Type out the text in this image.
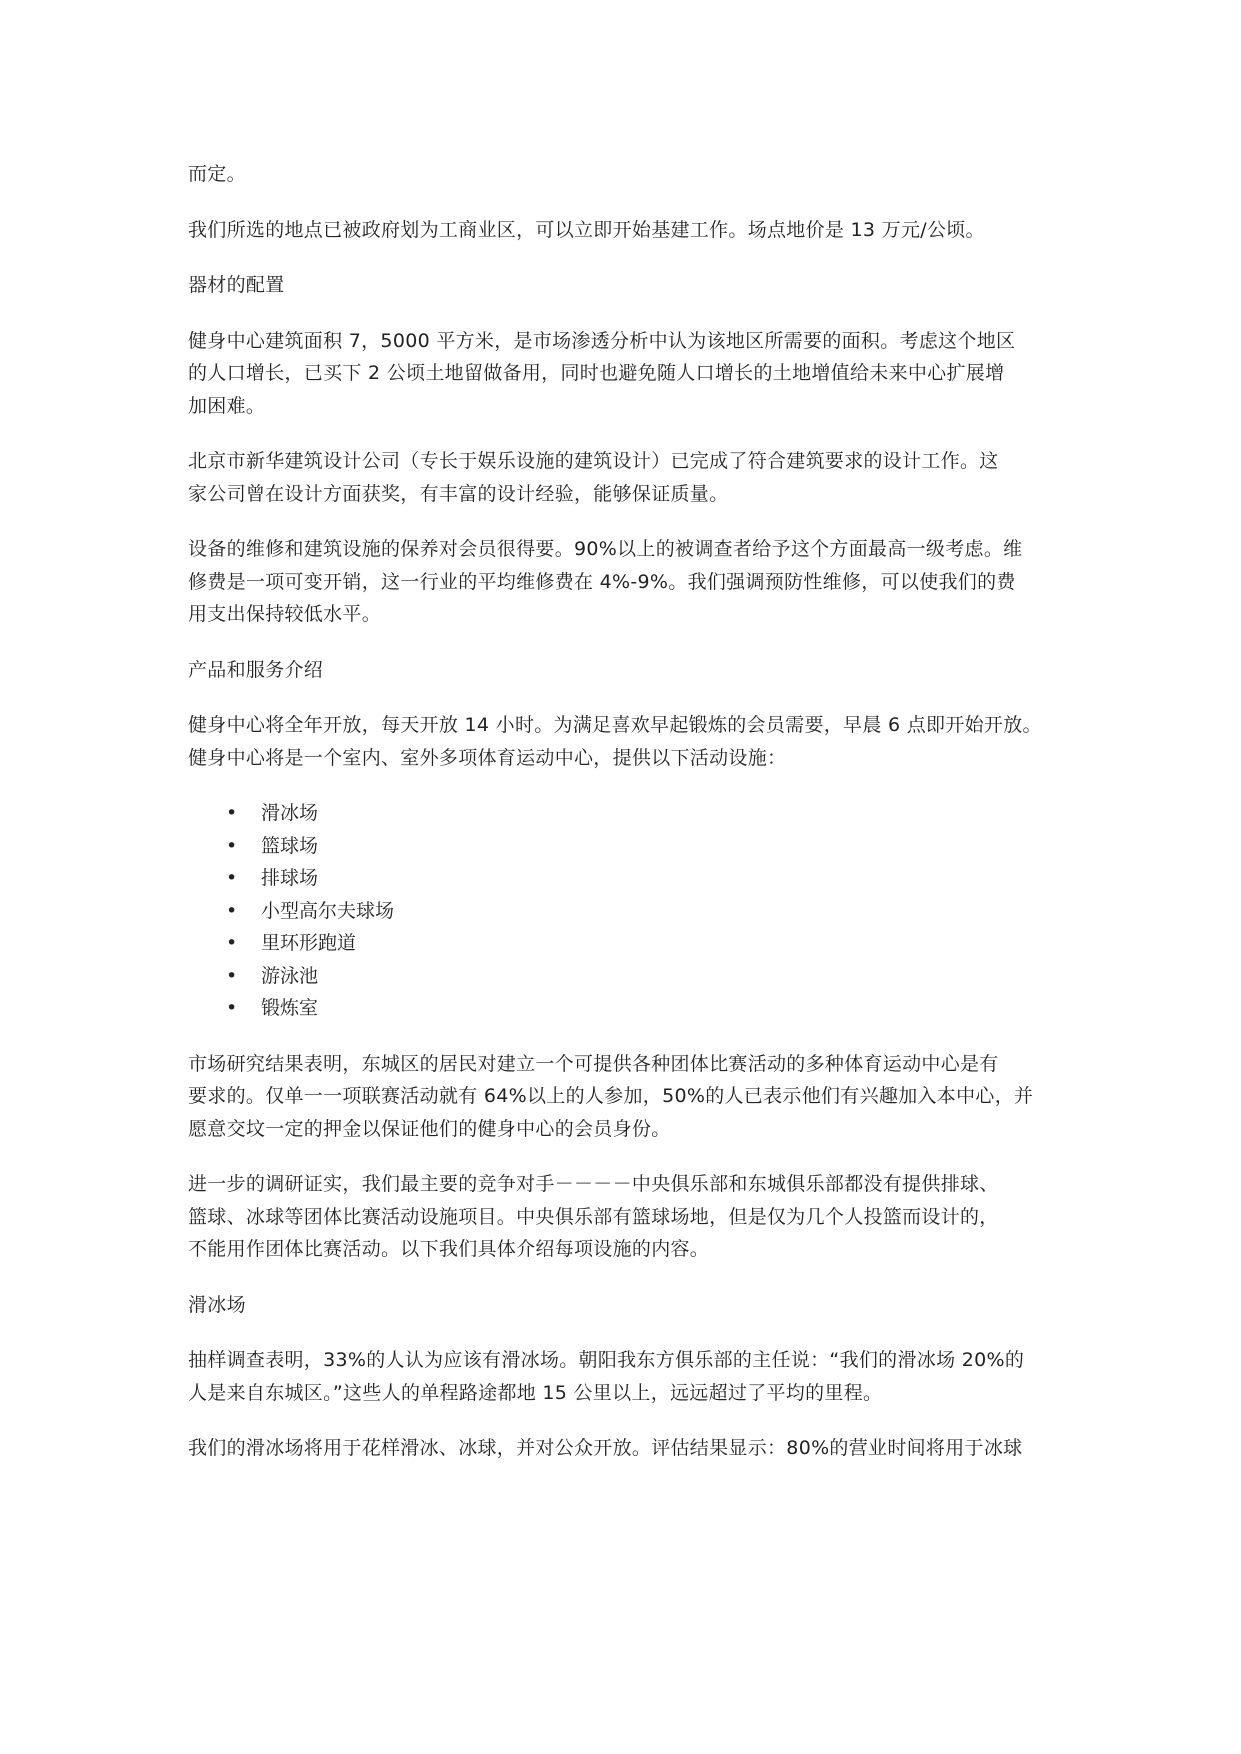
而定。

我们所选的地点已被政府划为工商业区，可以立即开始基建工作。场点地价是 13 万元/公顷。

器材的配置

健身中心建筑面积 7，5000 平方米，是市场渗透分析中认为该地区所需要的面积。考虑这个地区
的人口增长，已买下 2 公顷土地留做备用，同时也避免随人口增长的土地增值给未来中心扩展增
加困难。

北京市新华建筑设计公司（专长于娱乐设施的建筑设计）已完成了符合建筑要求的设计工作。这
家公司曾在设计方面获奖，有丰富的设计经验，能够保证质量。

设备的维修和建筑设施的保养对会员很得要。90%以上的被调查者给予这个方面最高一级考虑。维
修费是一项可变开销，这一行业的平均维修费在 4%-9%。我们强调预防性维修，可以使我们的费
用支出保持较低水平。

产品和服务介绍

健身中心将全年开放，每天开放 14 小时。为满足喜欢早起锻炼的会员需要，早晨 6 点即开始开放。
健身中心将是一个室内、室外多项体育运动中心，提供以下活动设施：

• 滑冰场
• 篮球场
• 排球场
• 小型高尔夫球场
• 里环形跑道
• 游泳池
• 锻炼室

市场研究结果表明，东城区的居民对建立一个可提供各种团体比赛活动的多种体育运动中心是有
要求的。仅单一一项联赛活动就有 64%以上的人参加，50%的人已表示他们有兴趣加入本中心，并
愿意交坟一定的押金以保证他们的健身中心的会员身份。

进一步的调研证实，我们最主要的竞争对手－－－－中央俱乐部和东城俱乐部都没有提供排球、
篮球、冰球等团体比赛活动设施项目。中央俱乐部有篮球场地，但是仅为几个人投篮而设计的，
不能用作团体比赛活动。以下我们具体介绍每项设施的内容。

滑冰场

抽样调查表明，33%的人认为应该有滑冰场。朝阳我东方俱乐部的主任说：“我们的滑冰场 20%的
人是来自东城区。”这些人的单程路途都地 15 公里以上，远远超过了平均的里程。

我们的滑冰场将用于花样滑冰、冰球，并对公众开放。评估结果显示：80%的营业时间将用于冰球
